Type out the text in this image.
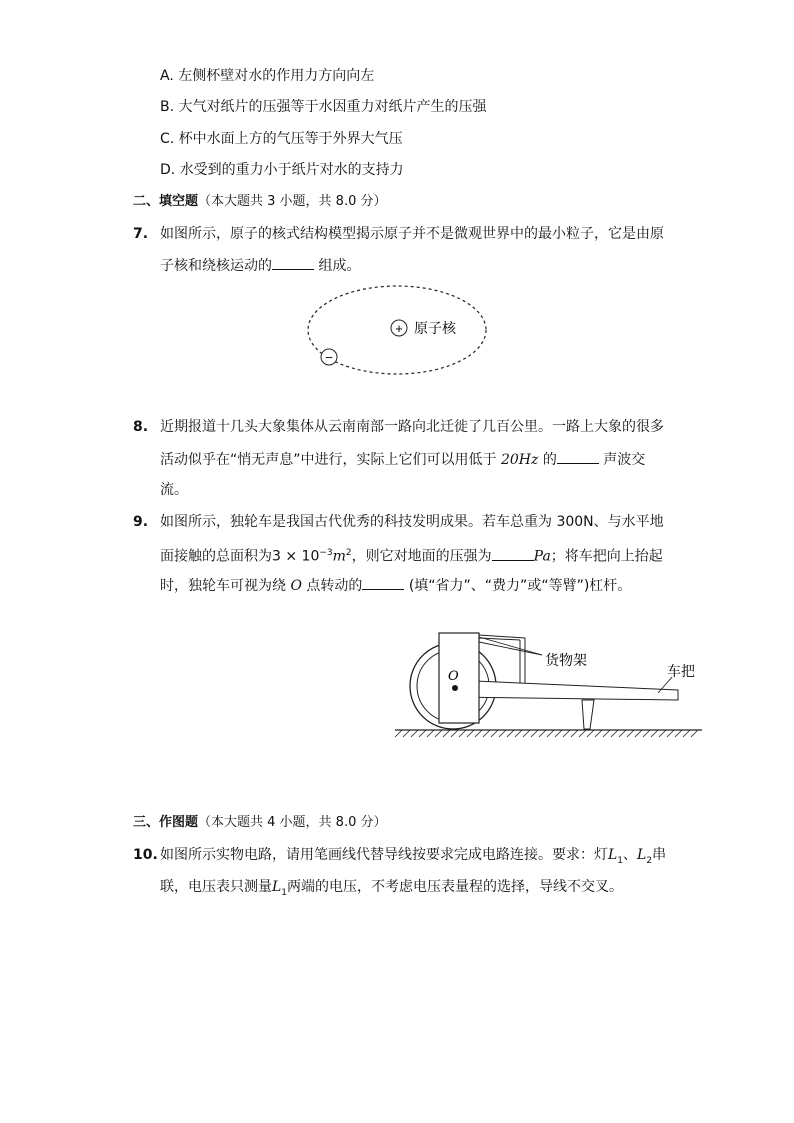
A. 左侧杯壁对水的作用力方向向左
B. 大气对纸片的压强等于水因重力对纸片产生的压强
C. 杯中水面上方的气压等于外界大气压
D. 水受到的重力小于纸片对水的支持力
二、填空题（本大题共 3 小题，共 8.0 分）
7. 如图所示，原子的核式结构模型揭示原子并不是微观世界中的最小粒子，它是由原
子核和绕核运动的	组成。
+
−
原子核
8. 近期报道十几头大象集体从云南南部一路向北迁徙了几百公里。一路上大象的很多
活动似乎在“悄无声息”中进行，实际上它们可以用低于 20Hz 的	声波交
流。
9. 如图所示，独轮车是我国古代优秀的科技发明成果。若车总重为 300N、与水平地
面接触的总面积为$3 \times 10^{-3}m^2$，则它对地面的压强为	Pa；将车把向上抬起
时，独轮车可视为绕 O 点转动的	(填“省力”、“费力”或“等臂”)杠杆。
O
货物架
车把
三、作图题（本大题共 4 小题，共 8.0 分）
10. 如图所示实物电路，请用笔画线代替导线按要求完成电路连接。要求：灯$L_1$、$L_2$串
联，电压表只测量$L_1$两端的电压，不考虑电压表量程的选择，导线不交叉。
